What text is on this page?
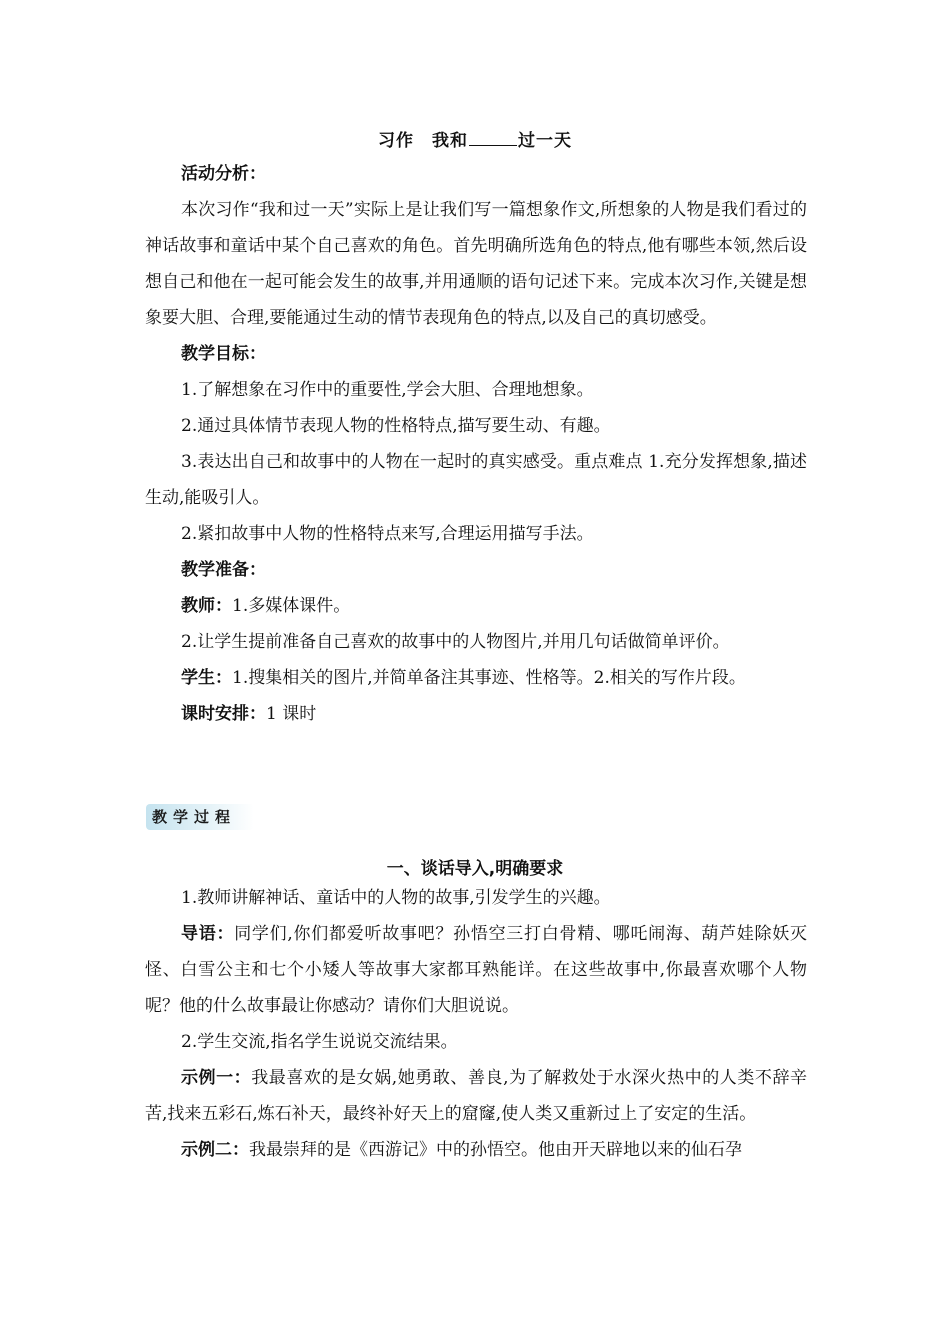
习作 我和	过一天

活动分析：

本次习作“我和过一天”实际上是让我们写一篇想象作文,所想象的人物是我们看过的神话故事和童话中某个自己喜欢的角色。首先明确所选角色的特点,他有哪些本领,然后设想自己和他在一起可能会发生的故事,并用通顺的语句记述下来。完成本次习作,关键是想象要大胆、合理,要能通过生动的情节表现角色的特点,以及自己的真切感受。

教学目标：

1.了解想象在习作中的重要性,学会大胆、合理地想象。

2.通过具体情节表现人物的性格特点,描写要生动、有趣。

3.表达出自己和故事中的人物在一起时的真实感受。重点难点 1.充分发挥想象,描述生动,能吸引人。

2.紧扣故事中人物的性格特点来写,合理运用描写手法。

教学准备：

教师：1.多媒体课件。

2.让学生提前准备自己喜欢的故事中的人物图片,并用几句话做简单评价。

学生：1.搜集相关的图片,并简单备注其事迹、性格等。2.相关的写作片段。

课时安排：1 课时

教学过程
一、谈话导入,明确要求

1.教师讲解神话、童话中的人物的故事,引发学生的兴趣。

导语：同学们,你们都爱听故事吧？孙悟空三打白骨精、哪吒闹海、葫芦娃除妖灭怪、白雪公主和七个小矮人等故事大家都耳熟能详。在这些故事中,你最喜欢哪个人物呢？他的什么故事最让你感动？请你们大胆说说。

2.学生交流,指名学生说说交流结果。

示例一：我最喜欢的是女娲,她勇敢、善良,为了解救处于水深火热中的人类不辞辛苦,找来五彩石,炼石补天，最终补好天上的窟窿,使人类又重新过上了安定的生活。

示例二：我最崇拜的是《西游记》中的孙悟空。他由开天辟地以来的仙石孕
